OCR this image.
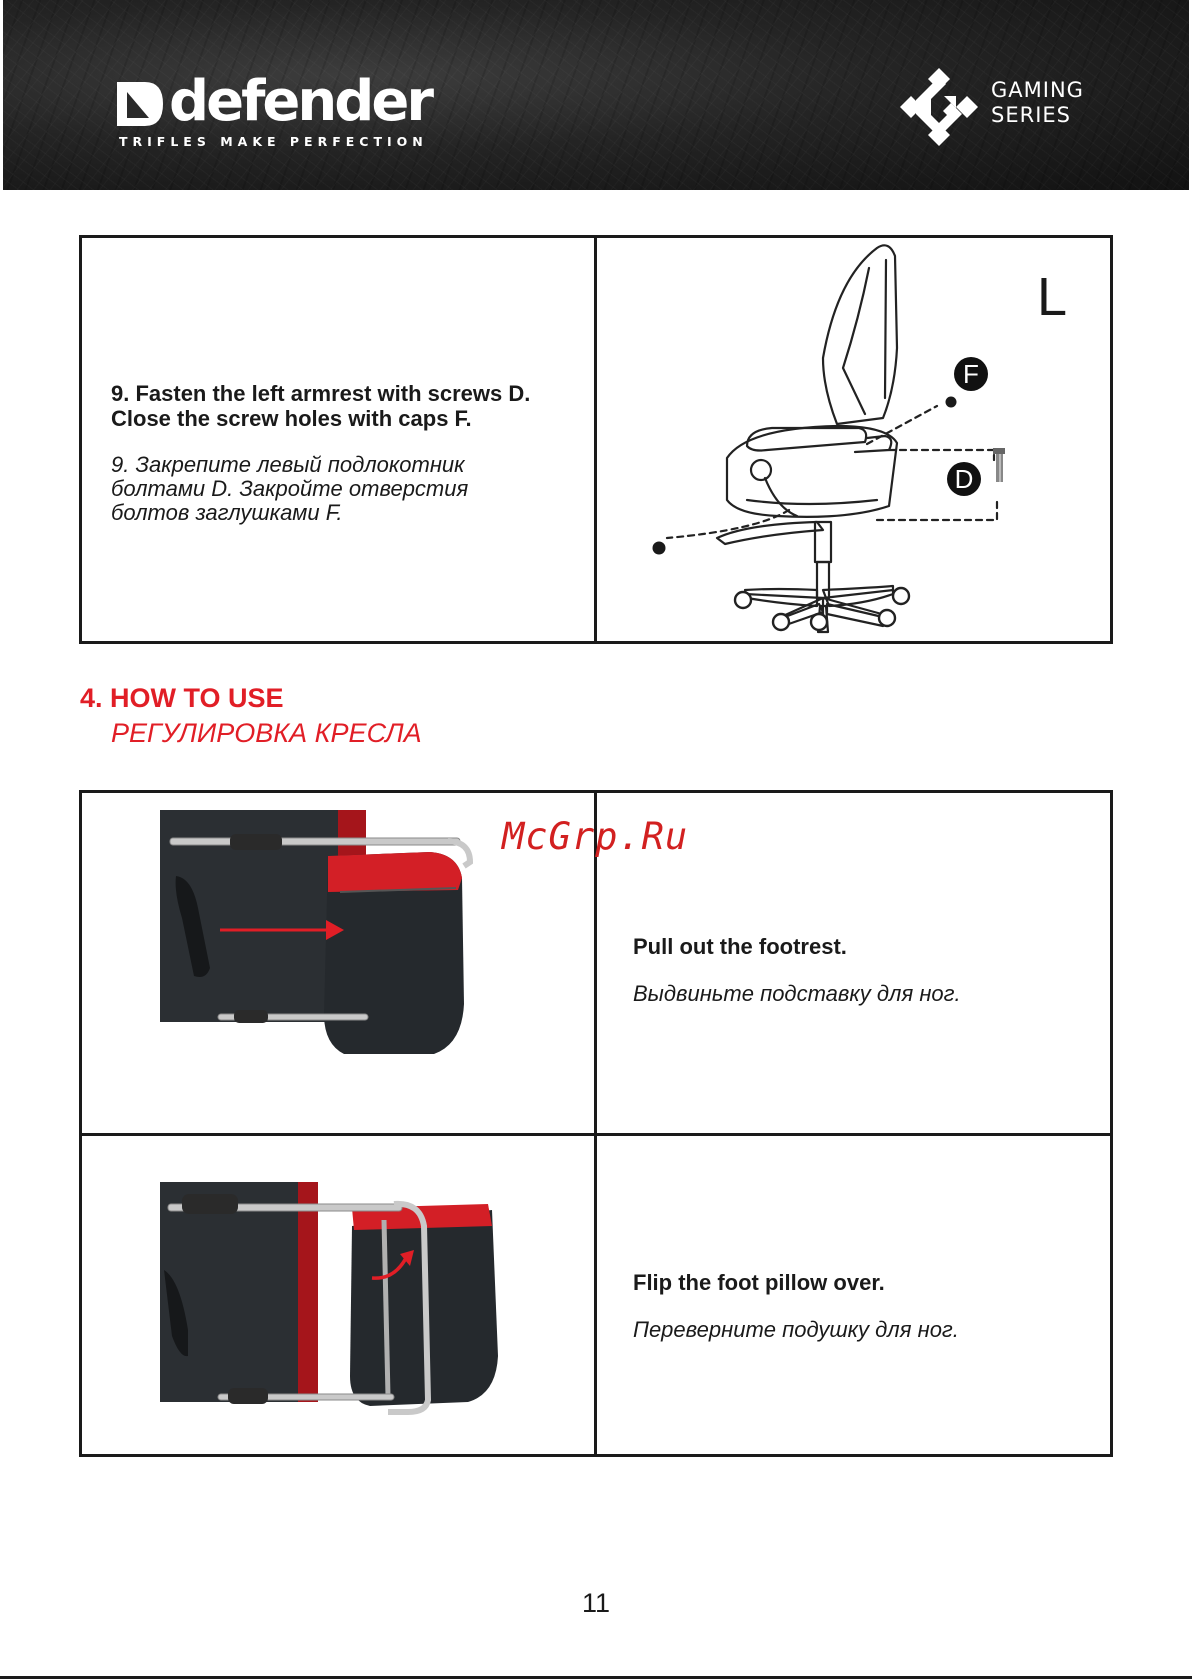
defender
TRIFLES MAKE PERFECTION
GAMING
SERIES
9. Fasten the left armrest with screws D.
Close the screw holes with caps F.
9. Закрепите левый подлокотник
болтами D. Закройте отверстия
болтов заглушками F.
F
D
L
4. HOW TO USE
РЕГУЛИРОВКА КРЕСЛА
Pull out the footrest.
Выдвиньте подставку для ног.
Flip the foot pillow over.
Переверните подушку для ног.
McGrp.Ru
11
